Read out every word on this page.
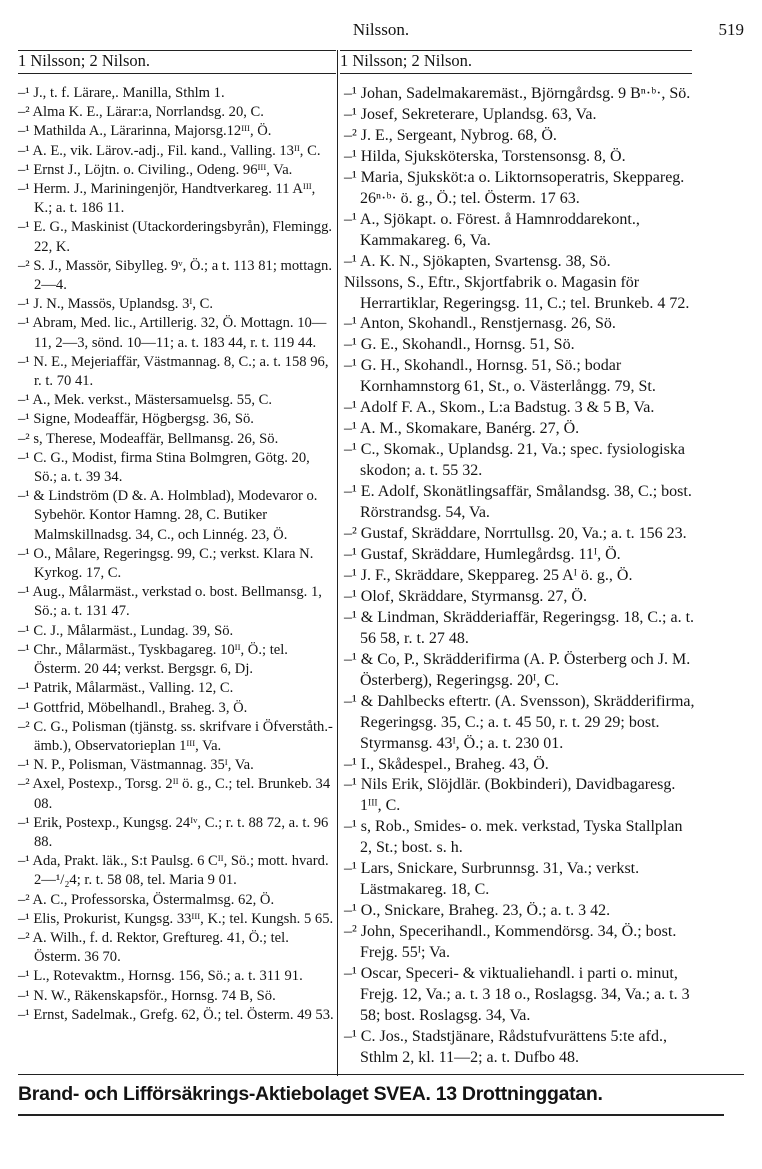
Nilsson.	519
1 Nilsson; 2 Nilson.	1 Nilsson; 2 Nilson.

–¹ J., t. f. Lärare,. Manilla, Sthlm 1.

–² Alma K. E., Lärar:a, Norrlandsg. 20, C.

–¹ Mathilda A., Lärarinna, Majorsg.12ᴵᴵᴵ, Ö.

–¹ A. E., vik. Lärov.-adj., Fil. kand., Valling. 13ᴵᴵ, C.

–¹ Ernst J., Löjtn. o. Civiling., Odeng. 96ᴵᴵᴵ, Va.

–¹ Herm. J., Mariningenjör, Handtverkareg. 11 Aᴵᴵᴵ, K.; a. t. 186 11.

–¹ E. G., Maskinist (Utackorderingsbyrån), Flemingg. 22, K.

–² S. J., Massör, Sibylleg. 9ᵛ, Ö.; a t. 113 81; mottagn. 2—4.

–¹ J. N., Massös, Uplandsg. 3ᴵ, C.

–¹ Abram, Med. lic., Artillerig. 32, Ö. Mottagn. 10—11, 2—3, sönd. 10—11; a. t. 183 44, r. t. 119 44.

–¹ N. E., Mejeriaffär, Västmannag. 8, C.; a. t. 158 96, r. t. 70 41.

–¹ A., Mek. verkst., Mästersamuelsg. 55, C.

–¹ Signe, Modeaffär, Högbergsg. 36, Sö.

–² s, Therese, Modeaffär, Bellmansg. 26, Sö.

–¹ C. G., Modist, firma Stina Bolmgren, Götg. 20, Sö.; a. t. 39 34.

–¹ & Lindström (D &. A. Holmblad), Modevaror o. Sybehör. Kontor Hamng. 28, C. Butiker Malmskillnadsg. 34, C., och Linnég. 23, Ö.

–¹ O., Målare, Regeringsg. 99, C.; verkst. Klara N. Kyrkog. 17, C.

–¹ Aug., Målarmäst., verkstad o. bost. Bellmansg. 1, Sö.; a. t. 131 47.

–¹ C. J., Målarmäst., Lundag. 39, Sö.

–¹ Chr., Målarmäst., Tyskbagareg. 10ᴵᴵ, Ö.; tel. Österm. 20 44; verkst. Bergsgr. 6, Dj.

–¹ Patrik, Målarmäst., Valling. 12, C.

–¹ Gottfrid, Möbelhandl., Braheg. 3, Ö.

–² C. G., Polisman (tjänstg. ss. skrifvare i Öfverståth.-ämb.), Observatorieplan 1ᴵᴵᴵ, Va.

–¹ N. P., Polisman, Västmannag. 35ᴵ, Va.

–² Axel, Postexp., Torsg. 2ᴵᴵ ö. g., C.; tel. Brunkeb. 34 08.

–¹ Erik, Postexp., Kungsg. 24ᴵᵛ, C.; r. t. 88 72, a. t. 96 88.

–¹ Ada, Prakt. läk., S:t Paulsg. 6 Cᴵᴵ, Sö.; mott. hvard. 2—¹/₂4; r. t. 58 08, tel. Maria 9 01.

–² A. C., Professorska, Östermalmsg. 62, Ö.

–¹ Elis, Prokurist, Kungsg. 33ᴵᴵᴵ, K.; tel. Kungsh. 5 65.

–² A. Wilh., f. d. Rektor, Greftureg. 41, Ö.; tel. Österm. 36 70.

–¹ L., Rotevaktm., Hornsg. 156, Sö.; a. t. 311 91.

–¹ N. W., Räkenskapsför., Hornsg. 74 B, Sö.

–¹ Ernst, Sadelmak., Grefg. 62, Ö.; tel. Österm. 49 53.

–¹ Johan, Sadelmakaremäst., Björngårdsg. 9 Bⁿ·ᵇ·, Sö.

–¹ Josef, Sekreterare, Uplandsg. 63, Va.

–² J. E., Sergeant, Nybrog. 68, Ö.

–¹ Hilda, Sjuksköterska, Torstensonsg. 8, Ö.

–¹ Maria, Sjuksköt:a o. Liktornsoperatris, Skeppareg. 26ⁿ·ᵇ· ö. g., Ö.; tel. Österm. 17 63.

–¹ A., Sjökapt. o. Förest. å Hamnroddarekont., Kammakareg. 6, Va.

–¹ A. K. N., Sjökapten, Svartensg. 38, Sö.

Nilssons, S., Eftr., Skjortfabrik o. Magasin för Herrartiklar, Regeringsg. 11, C.; tel. Brunkeb. 4 72.

–¹ Anton, Skohandl., Renstjernasg. 26, Sö.

–¹ G. E., Skohandl., Hornsg. 51, Sö.

–¹ G. H., Skohandl., Hornsg. 51, Sö.; bodar Kornhamnstorg 61, St., o. Västerlångg. 79, St.

–¹ Adolf F. A., Skom., L:a Badstug. 3 & 5 B, Va.

–¹ A. M., Skomakare, Banérg. 27, Ö.

–¹ C., Skomak., Uplandsg. 21, Va.; spec. fysiologiska skodon; a. t. 55 32.

–¹ E. Adolf, Skonätlingsaffär, Smålandsg. 38, C.; bost. Rörstrandsg. 54, Va.

–² Gustaf, Skräddare, Norrtullsg. 20, Va.; a. t. 156 23.

–¹ Gustaf, Skräddare, Humlegårdsg. 11ᴵ, Ö.

–¹ J. F., Skräddare, Skeppareg. 25 Aᴵ ö. g., Ö.

–¹ Olof, Skräddare, Styrmansg. 27, Ö.

–¹ & Lindman, Skrädderiaffär, Regeringsg. 18, C.; a. t. 56 58, r. t. 27 48.

–¹ & Co, P., Skrädderifirma (A. P. Österberg och J. M. Österberg), Regeringsg. 20ᴵ, C.

–¹ & Dahlbecks eftertr. (A. Svensson), Skrädderifirma, Regeringsg. 35, C.; a. t. 45 50, r. t. 29 29; bost. Styrmansg. 43ᴵ, Ö.; a. t. 230 01.

–¹ I., Skådespel., Braheg. 43, Ö.

–¹ Nils Erik, Slöjdlär. (Bokbinderi), Davidbagaresg. 1ᴵᴵᴵ, C.

–¹ s, Rob., Smides- o. mek. verkstad, Tyska Stallplan 2, St.; bost. s. h.

–¹ Lars, Snickare, Surbrunnsg. 31, Va.; verkst. Lästmakareg. 18, C.

–¹ O., Snickare, Braheg. 23, Ö.; a. t. 3 42.

–² John, Specerihandl., Kommendörsg. 34, Ö.; bost. Frejg. 55ᴵ; Va.

–¹ Oscar, Speceri- & viktualiehandl. i parti o. minut, Frejg. 12, Va.; a. t. 3 18 o., Roslagsg. 34, Va.; a. t. 3 58; bost. Roslagsg. 34, Va.

–¹ C. Jos., Stadstjänare, Rådstufvurättens 5:te afd., Sthlm 2, kl. 11—2; a. t. Dufbo 48.

Brand- och Lifförsäkrings-Aktiebolaget SVEA. 13 Drottninggatan.
